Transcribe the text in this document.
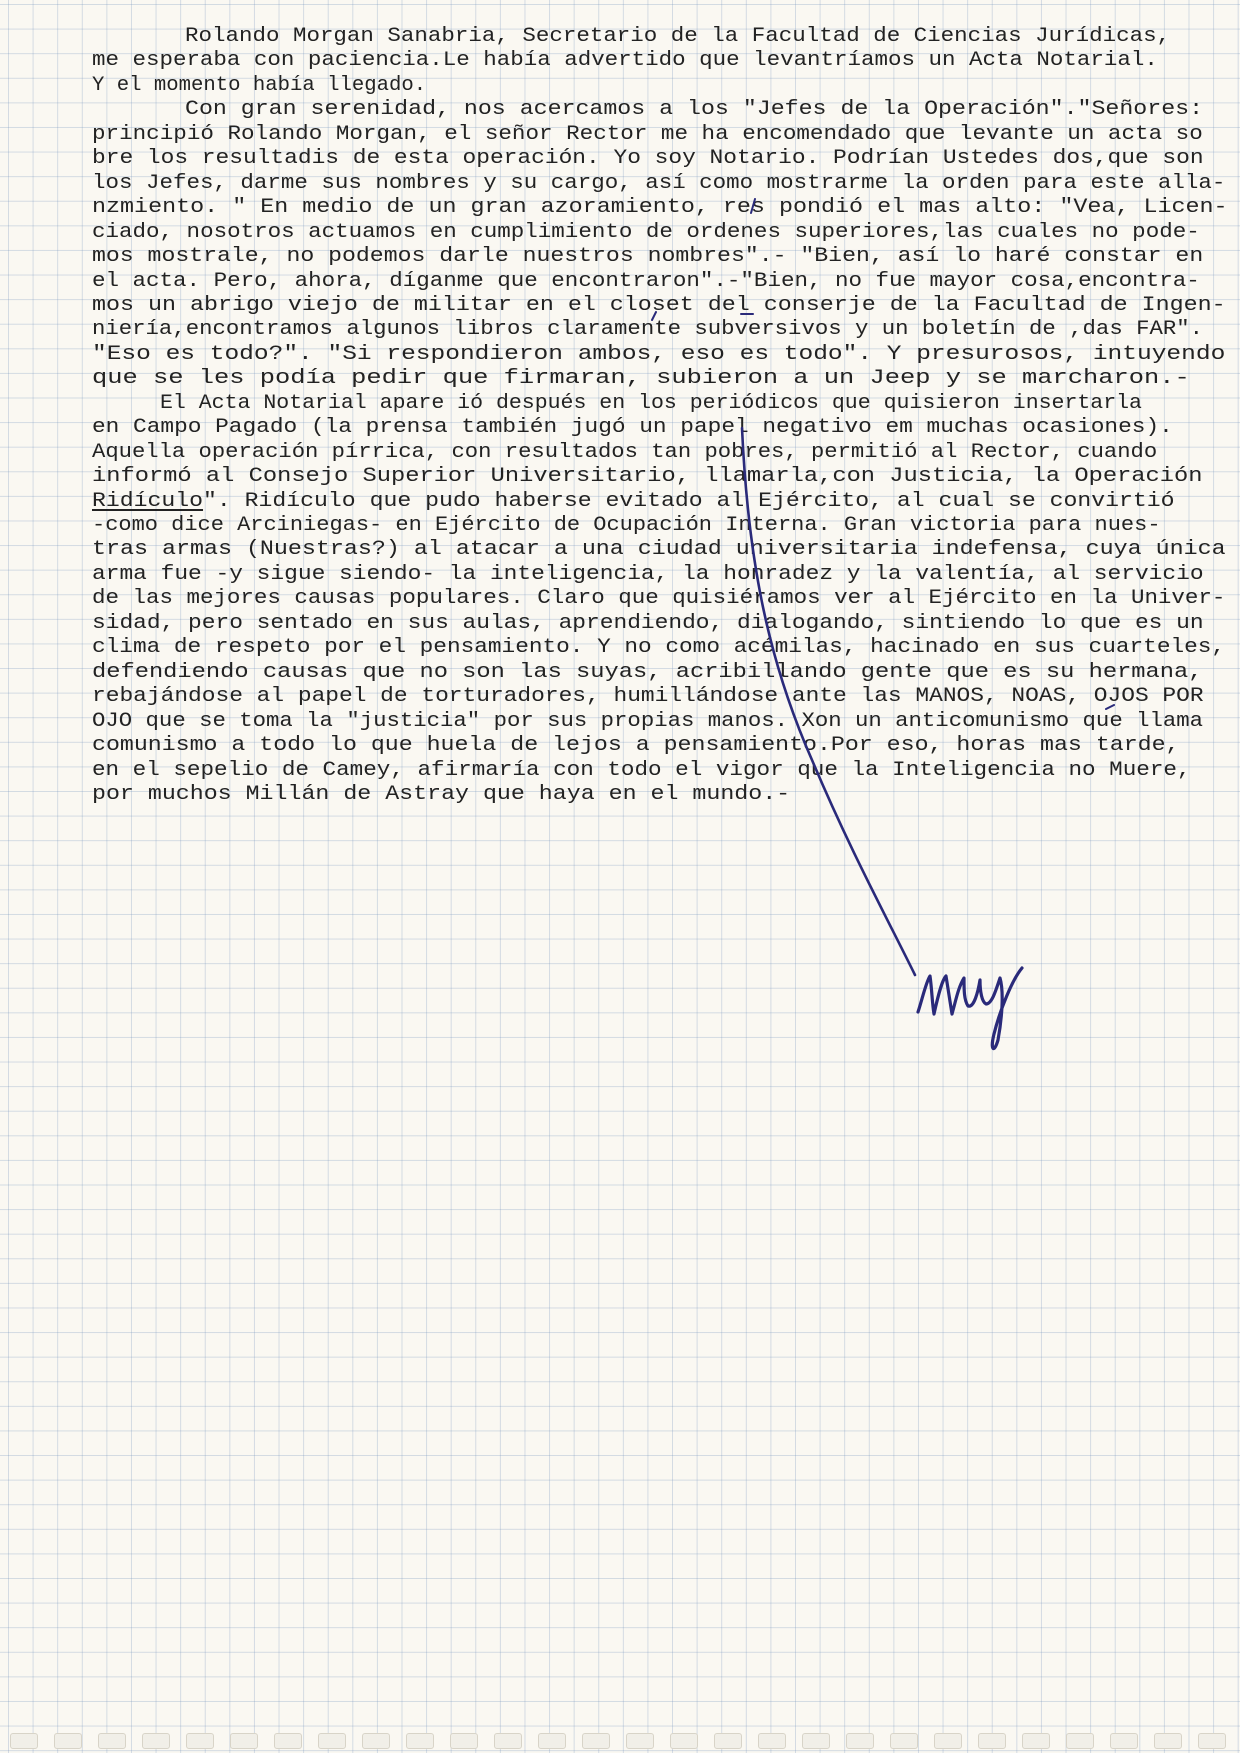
Rolando Morgan Sanabria, Secretario de la Facultad de Ciencias Jurídicas,

me esperaba con paciencia.Le había advertido que levantríamos un Acta Notarial.

Y el momento había llegado.

Con gran serenidad, nos acercamos a los "Jefes de la Operación"."Señores:

principió Rolando Morgan, el señor Rector me ha encomendado que levante un acta so

bre los resultadis de esta operación. Yo soy Notario. Podrían Ustedes dos,que son

los Jefes, darme sus nombres y su cargo, así como mostrarme la orden para este alla-

nzmiento. " En medio de un gran azoramiento, res pondió el mas alto: "Vea, Licen-

ciado, nosotros actuamos en cumplimiento de ordenes superiores,las cuales no pode-

mos mostrale, no podemos darle nuestros nombres".- "Bien, así lo haré constar en

el acta. Pero, ahora, díganme que encontraron".-"Bien, no fue mayor cosa,encontra-

mos un abrigo viejo de militar en el closet del conserje de la Facultad de Ingen-

niería,encontramos algunos libros claramente subversivos y un boletín de ,das FAR".

"Eso es todo?". "Si respondieron ambos, eso es todo". Y presurosos, intuyendo

que se les podía pedir que firmaran, subieron a un Jeep y se marcharon.-

El Acta Notarial apare ió después en los periódicos que quisieron insertarla

en Campo Pagado (la prensa también jugó un papel negativo em muchas ocasiones).

Aquella operación pírrica, con resultados tan pobres, permitió al Rector, cuando

informó al Consejo Superior Universitario, llamarla,con Justicia, la Operación

Ridículo". Ridículo que pudo haberse evitado al Ejército, al cual se convirtió

-como dice Arciniegas- en Ejército de Ocupación Interna. Gran victoria para nues-

tras armas (Nuestras?) al atacar a una ciudad universitaria indefensa, cuya única

arma fue -y sigue siendo- la inteligencia, la honradez y la valentía, al servicio

de las mejores causas populares. Claro que quisiéramos ver al Ejército en la Univer-

sidad, pero sentado en sus aulas, aprendiendo, dialogando, sintiendo lo que es un

clima de respeto por el pensamiento. Y no como acémilas, hacinado en sus cuarteles,

defendiendo causas que no son las suyas, acribillando gente que es su hermana,

rebajándose al papel de torturadores, humillándose ante las MANOS, NOAS, OJOS POR

OJO que se toma la "justicia" por sus propias manos. Xon un anticomunismo que llama

comunismo a todo lo que huela de lejos a pensamiento.Por eso, horas mas tarde,

en el sepelio de Camey, afirmaría con todo el vigor que la Inteligencia no Muere,

por muchos Millán de Astray que haya en el mundo.-
